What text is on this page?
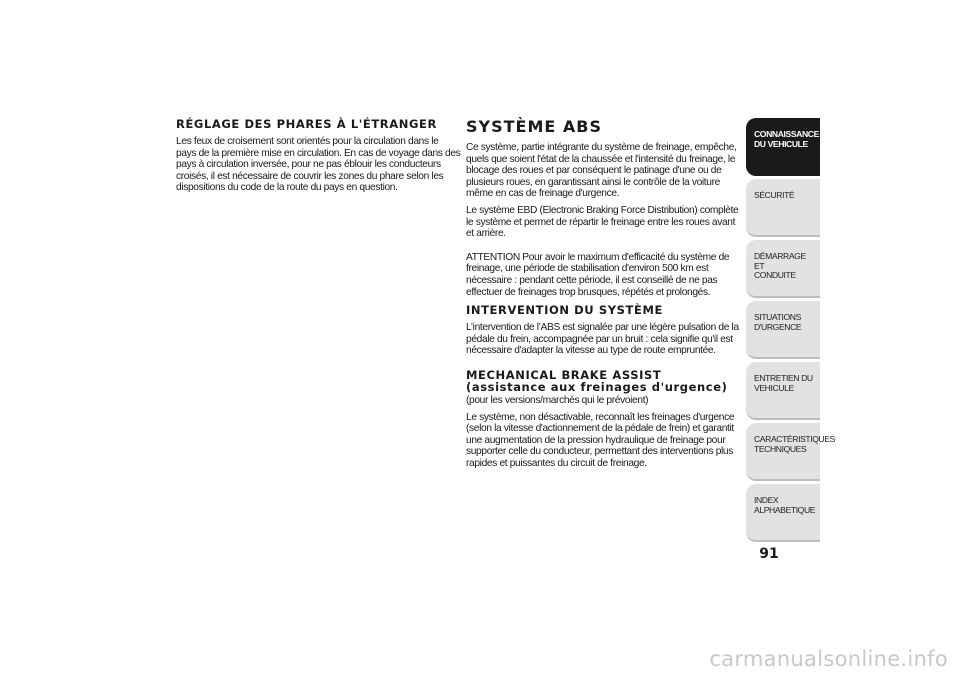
RÉGLAGE DES PHARES À L'ÉTRANGER

Les feux de croisement sont orientés pour la circulation dans le pays de la première mise en circulation. En cas de voyage dans des pays à circulation inversée, pour ne pas éblouir les conducteurs croisés, il est nécessaire de couvrir les zones du phare selon les dispositions du code de la route du pays en question.

SYSTÈME ABS

Ce système, partie intégrante du système de freinage, empêche, quels que soient l'état de la chaussée et l'intensité du freinage, le blocage des roues et par conséquent le patinage d'une ou de plusieurs roues, en garantissant ainsi le contrôle de la voiture même en cas de freinage d'urgence.

Le système EBD (Electronic Braking Force Distribution) complète le système et permet de répartir le freinage entre les roues avant et arrière.

ATTENTION Pour avoir le maximum d'efficacité du système de freinage, une période de stabilisation d'environ 500 km est nécessaire : pendant cette période, il est conseillé de ne pas effectuer de freinages trop brusques, répétés et prolongés.

INTERVENTION DU SYSTÈME

L’intervention de l’ABS est signalée par une légère pulsation de la pédale du frein, accompagnée par un bruit : cela signifie qu'il est nécessaire d'adapter la vitesse au type de route empruntée.

MECHANICAL BRAKE ASSIST
(assistance aux freinages d'urgence)

(pour les versions/marchés qui le prévoient)

Le système, non désactivable, reconnaît les freinages d'urgence (selon la vitesse d'actionnement de la pédale de frein) et garantit une augmentation de la pression hydraulique de freinage pour supporter celle du conducteur, permettant des interventions plus rapides et puissantes du circuit de freinage.

CONNAISSANCE
DU VEHICULE
SÉCURITÉ
DÉMARRAGE ET
CONDUITE
SITUATIONS
D'URGENCE
ENTRETIEN DU
VEHICULE
CARACTÉRISTIQUES
TECHNIQUES
INDEX
ALPHABETIQUE
91
carmanualsonline.info
